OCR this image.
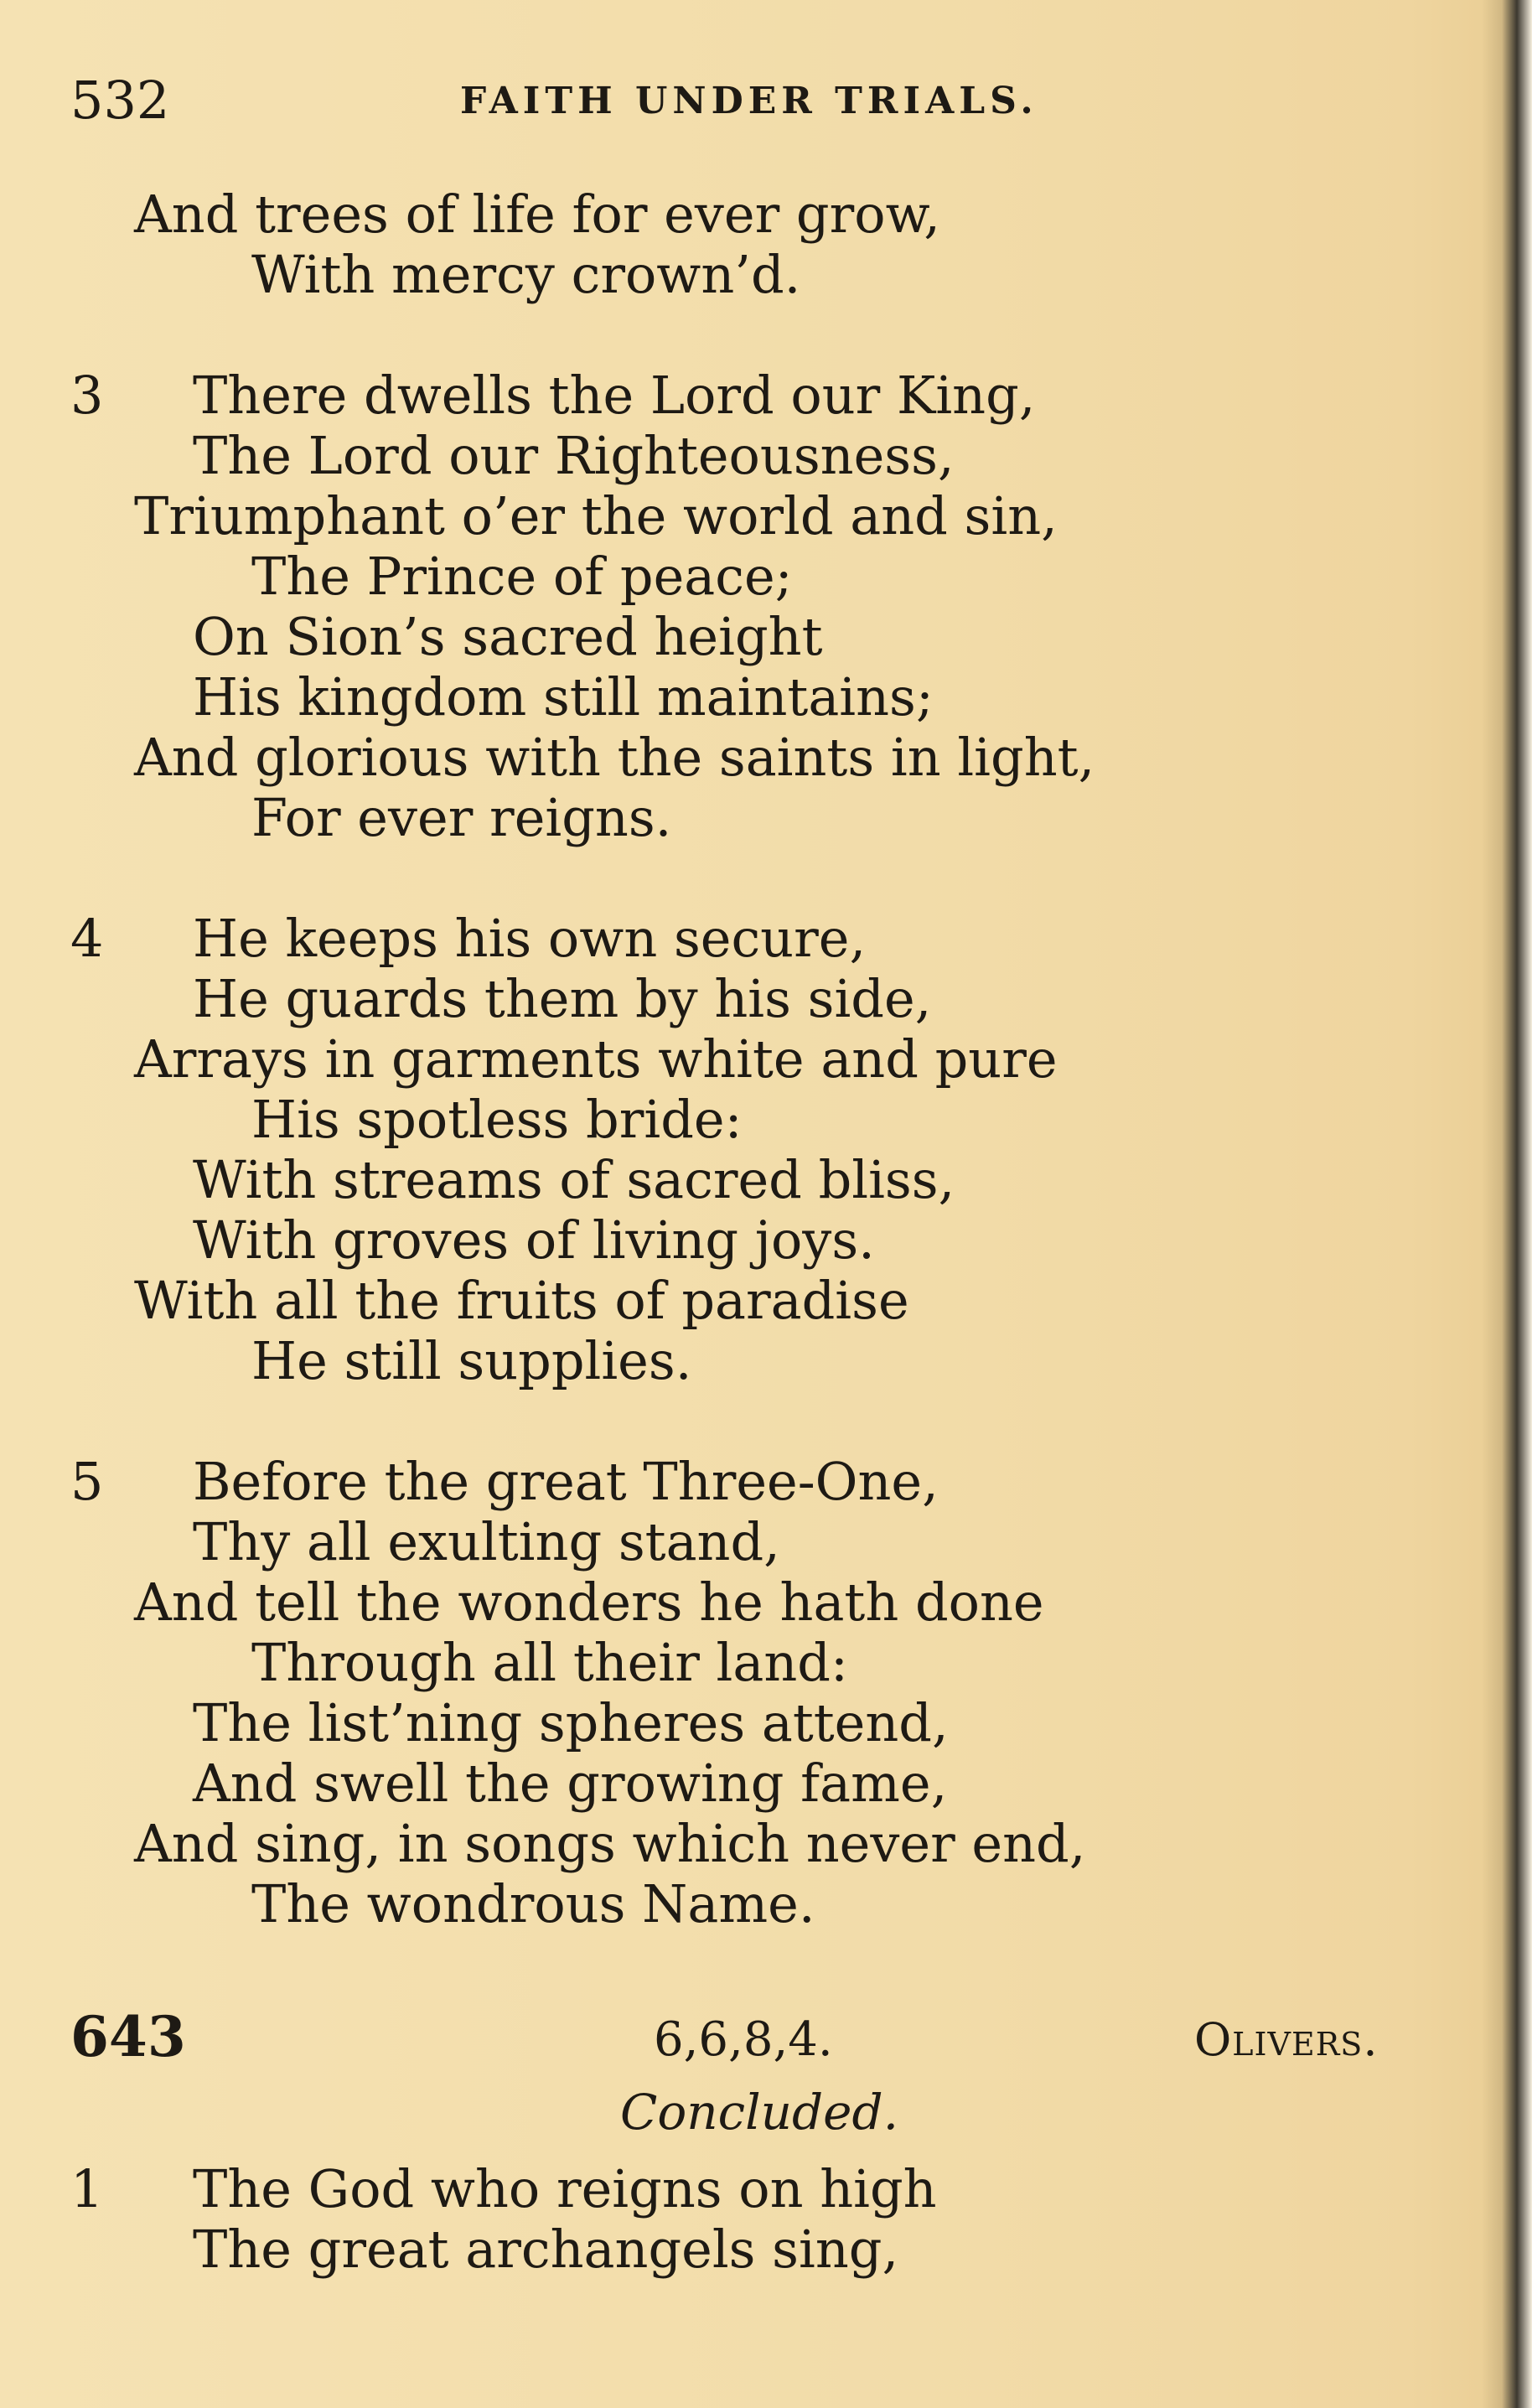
532	FAITH UNDER TRIALS.
And trees of life for ever grow,
With mercy crown’d.
3	There dwells the Lord our King,
The Lord our Righteousness,
Triumphant o’er the world and sin,
The Prince of peace;
On Sion’s sacred height
His kingdom still maintains;
And glorious with the saints in light,
For ever reigns.
4	He keeps his own secure,
He guards them by his side,
Arrays in garments white and pure
His spotless bride:
With streams of sacred bliss,
With groves of living joys.
With all the fruits of paradise
He still supplies.
5	Before the great Three-One,
Thy all exulting stand,
And tell the wonders he hath done
Through all their land:
The list’ning spheres attend,
And swell the growing fame,
And sing, in songs which never end,
The wondrous Name.
643	6,6,8,4.	Olivers.
Concluded.
1	The God who reigns on high
The great archangels sing,
